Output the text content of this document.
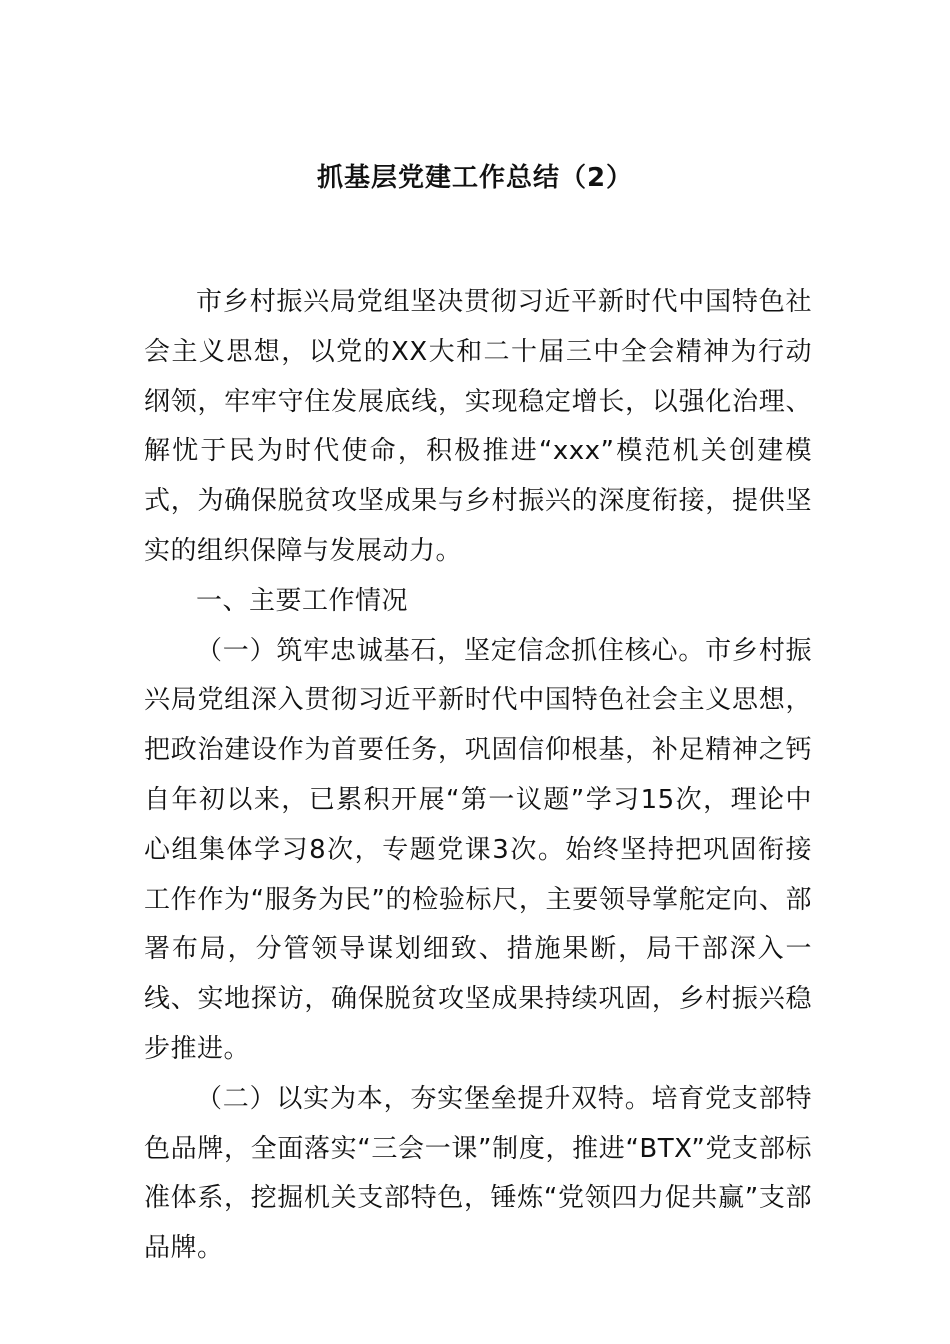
抓基层党建工作总结（2）

市乡村振兴局党组坚决贯彻习近平新时代中国特色社会主义思想，以党的XX大和二十届三中全会精神为行动纲领，牢牢守住发展底线，实现稳定增长，以强化治理、解忧于民为时代使命，积极推进“xxx”模范机关创建模式，为确保脱贫攻坚成果与乡村振兴的深度衔接，提供坚实的组织保障与发展动力。

一、主要工作情况

（一）筑牢忠诚基石，坚定信念抓住核心。市乡村振兴局党组深入贯彻习近平新时代中国特色社会主义思想，把政治建设作为首要任务，巩固信仰根基，补足精神之钙自年初以来，已累积开展“第一议题”学习15次，理论中心组集体学习8次，专题党课3次。始终坚持把巩固衔接工作作为“服务为民”的检验标尺，主要领导掌舵定向、部署布局，分管领导谋划细致、措施果断，局干部深入一线、实地探访，确保脱贫攻坚成果持续巩固，乡村振兴稳步推进。

（二）以实为本，夯实堡垒提升双特。培育党支部特色品牌，全面落实“三会一课”制度，推进“BTX”党支部标准体系，挖掘机关支部特色，锤炼“党领四力促共赢”支部品牌。
